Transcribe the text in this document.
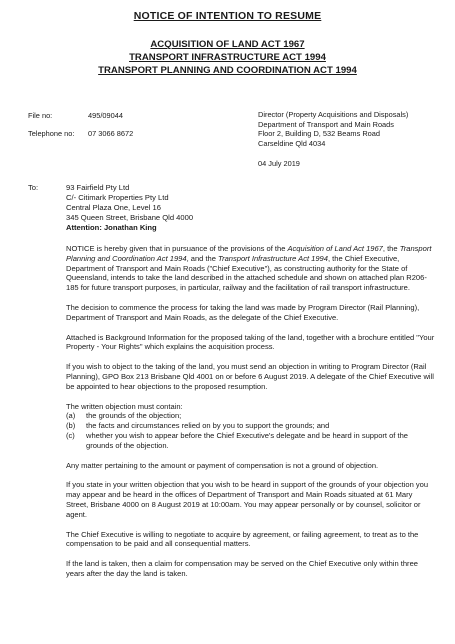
NOTICE OF INTENTION TO RESUME
ACQUISITION OF LAND ACT 1967
TRANSPORT INFRASTRUCTURE ACT 1994
TRANSPORT PLANNING AND COORDINATION ACT 1994
File no:	495/09044
Telephone no: 07 3066 8672
Director (Property Acquisitions and Disposals)
Department of Transport and Main Roads
Floor 2, Building D, 532 Beams Road
Carseldine Qld 4034
04 July 2019
To:	93 Fairfield Pty Ltd
C/- Citimark Properties Pty Ltd
Central Plaza One, Level 16
345 Queen Street, Brisbane Qld 4000
Attention: Jonathan King

NOTICE is hereby given that in pursuance of the provisions of the Acquisition of Land Act 1967, the Transport Planning and Coordination Act 1994, and the Transport Infrastructure Act 1994, the Chief Executive, Department of Transport and Main Roads ("Chief Executive"), as constructing authority for the State of Queensland, intends to take the land described in the attached schedule and shown on attached plan R206-185 for future transport purposes, in particular, railway and the facilitation of rail transport infrastructure.

The decision to commence the process for taking the land was made by Program Director (Rail Planning), Department of Transport and Main Roads, as the delegate of the Chief Executive.

Attached is Background Information for the proposed taking of the land, together with a brochure entitled "Your Property - Your Rights" which explains the acquisition process.

If you wish to object to the taking of the land, you must send an objection in writing to Program Director (Rail Planning), GPO Box 213 Brisbane Qld 4001 on or before 6 August 2019. A delegate of the Chief Executive will be appointed to hear objections to the proposed resumption.

The written objection must contain:
(a)	the grounds of the objection;
(b)	the facts and circumstances relied on by you to support the grounds; and
(c)	whether you wish to appear before the Chief Executive's delegate and be heard in support of the grounds of the objection.

Any matter pertaining to the amount or payment of compensation is not a ground of objection.

If you state in your written objection that you wish to be heard in support of the grounds of your objection you may appear and be heard in the offices of Department of Transport and Main Roads situated at 61 Mary Street, Brisbane 4000 on 8 August 2019 at 10:00am. You may appear personally or by counsel, solicitor or agent.

The Chief Executive is willing to negotiate to acquire by agreement, or failing agreement, to treat as to the compensation to be paid and all consequential matters.

If the land is taken, then a claim for compensation may be served on the Chief Executive only within three years after the day the land is taken.
